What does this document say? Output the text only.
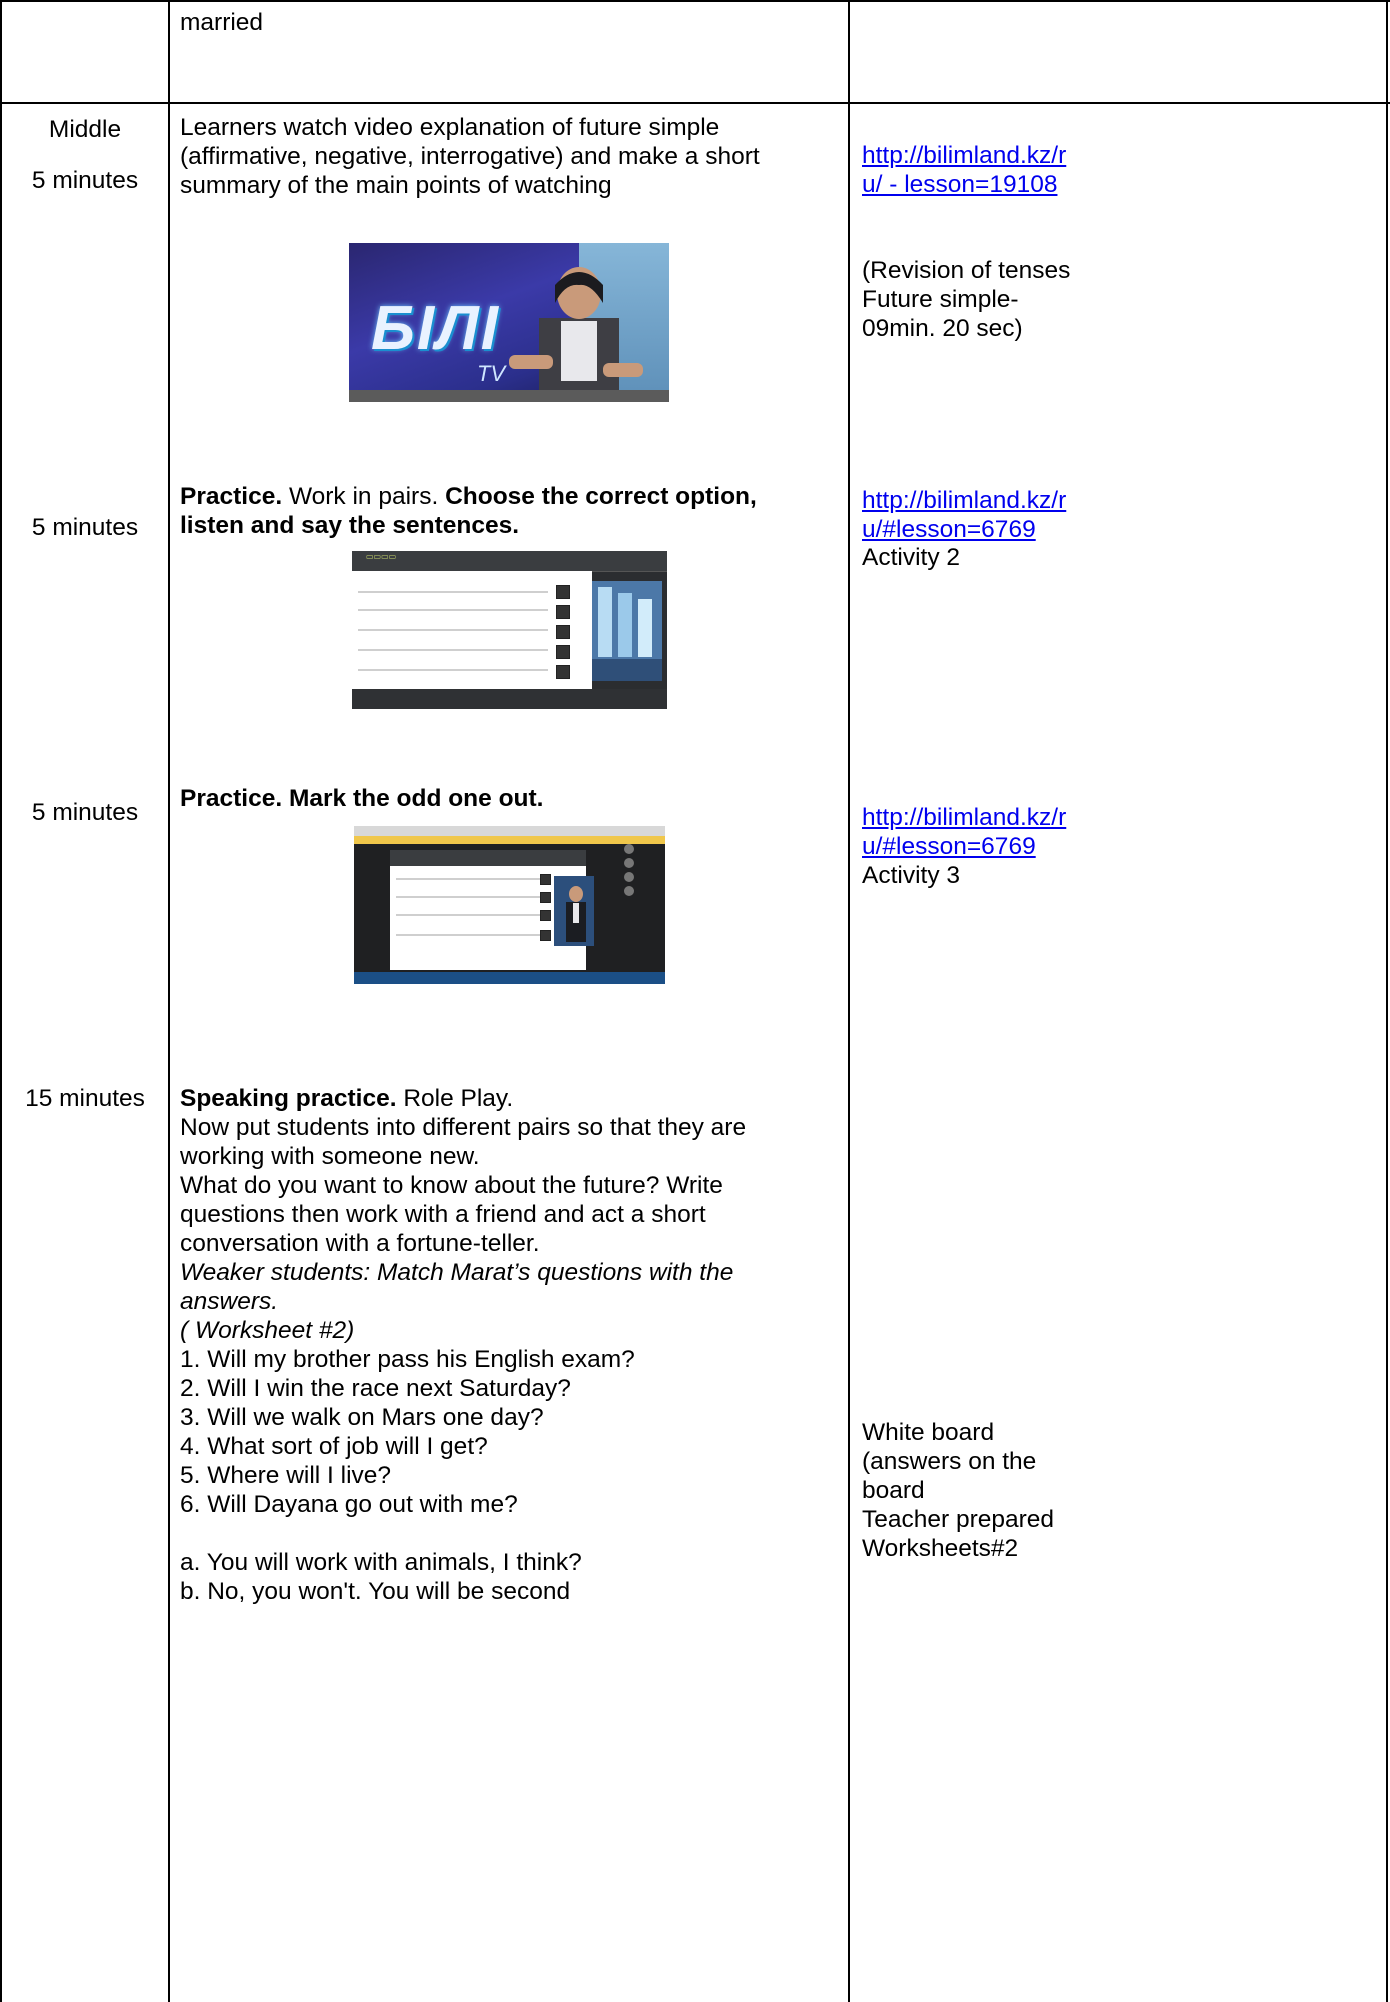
married
Middle
5 minutes
5 minutes
5 minutes
15 minutes
Learners watch video explanation of future simple
(affirmative, negative, interrogative) and make a short
summary of the main points of watching
БІЛІ
TV
http://bilimland.kz/r
u/ - lesson=19108
(Revision of tenses
Future simple-
09min. 20 sec)
Practice. Work in pairs. Choose the correct option,
listen and say the sentences.
▭▭▭▭
http://bilimland.kz/r
u/#lesson=6769
Activity 2
Practice. Mark the odd one out.
http://bilimland.kz/r
u/#lesson=6769
Activity 3
Speaking practice. Role Play.
Now put students into different pairs so that they are
working with someone new.
What do you want to know about the future? Write
questions then work with a friend and act a short
conversation with a fortune-teller.
Weaker students: Match Marat’s questions with the
answers.
( Worksheet #2)
1. Will my brother pass his English exam?
2. Will I win the race next Saturday?
3. Will we walk on Mars one day?
4. What sort of job will I get?
5. Where will I live?
6. Will Dayana go out with me?
a. You will work with animals, I think?
b. No, you won't. You will be second
White board
(answers on the
board
Teacher prepared
Worksheets#2
